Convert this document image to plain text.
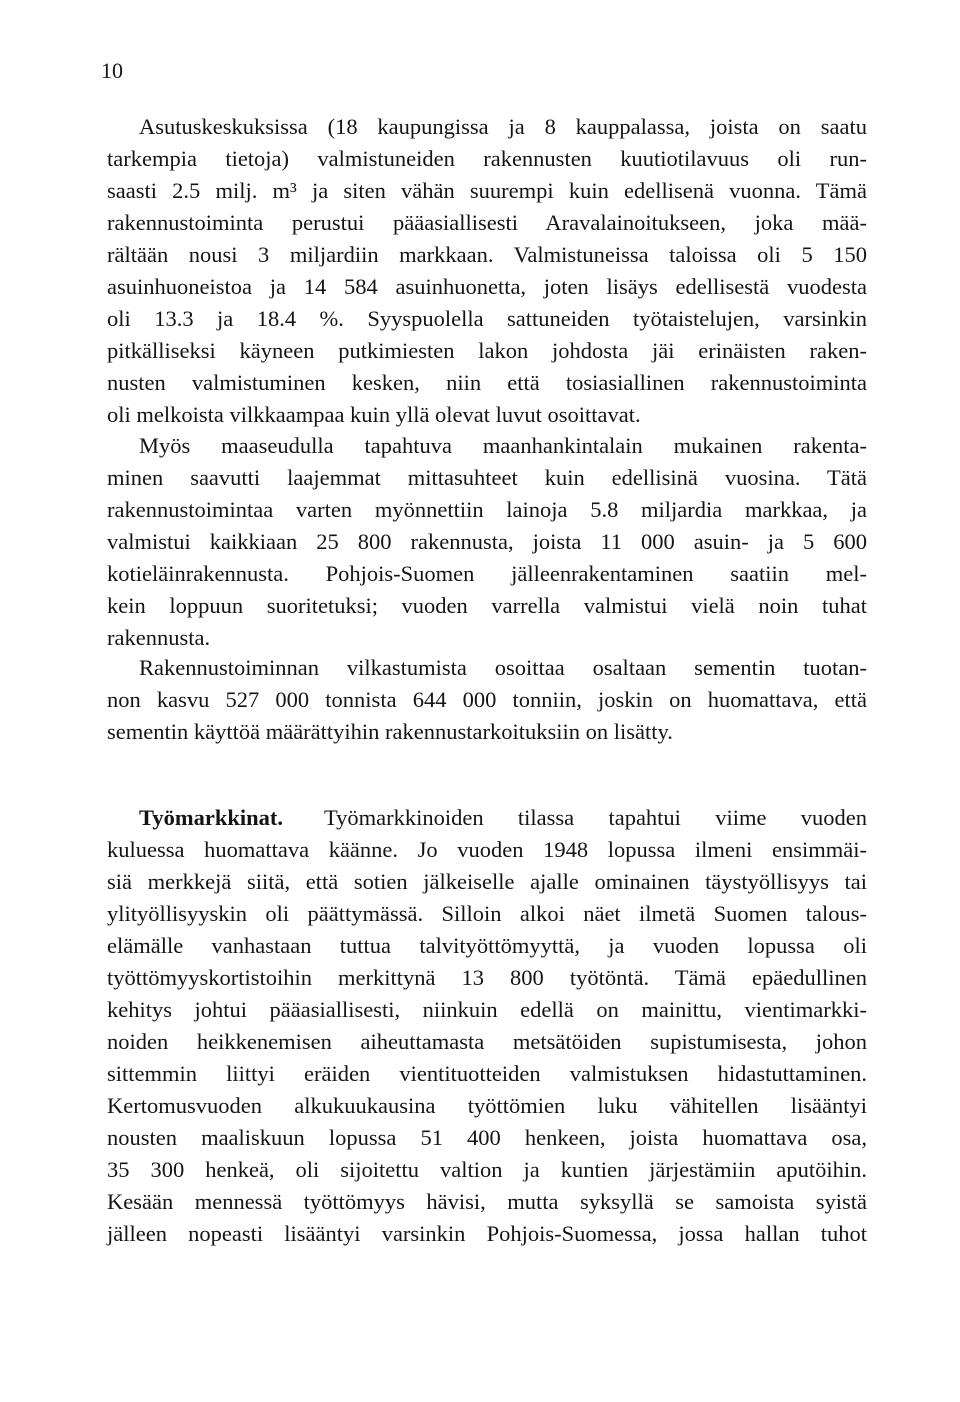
10
Asutuskeskuksissa (18 kaupungissa ja 8 kauppalassa, joista on saatu
tarkempia tietoja) valmistuneiden rakennusten kuutiotilavuus oli run-
saasti 2.5 milj. m³ ja siten vähän suurempi kuin edellisenä vuonna. Tämä
rakennustoiminta perustui pääasiallisesti Aravalainoitukseen, joka mää-
rältään nousi 3 miljardiin markkaan. Valmistuneissa taloissa oli 5 150
asuinhuoneistoa ja 14 584 asuinhuonetta, joten lisäys edellisestä vuodesta
oli 13.3 ja 18.4 %. Syyspuolella sattuneiden työtaistelujen, varsinkin
pitkälliseksi käyneen putkimiesten lakon johdosta jäi erinäisten raken-
nusten valmistuminen kesken, niin että tosiasiallinen rakennustoiminta
oli melkoista vilkkaampaa kuin yllä olevat luvut osoittavat.
Myös maaseudulla tapahtuva maanhankintalain mukainen rakenta-
minen saavutti laajemmat mittasuhteet kuin edellisinä vuosina. Tätä
rakennustoimintaa varten myönnettiin lainoja 5.8 miljardia markkaa, ja
valmistui kaikkiaan 25 800 rakennusta, joista 11 000 asuin- ja 5 600
kotieläinrakennusta. Pohjois-Suomen jälleenrakentaminen saatiin mel-
kein loppuun suoritetuksi; vuoden varrella valmistui vielä noin tuhat
rakennusta.
Rakennustoiminnan vilkastumista osoittaa osaltaan sementin tuotan-
non kasvu 527 000 tonnista 644 000 tonniin, joskin on huomattava, että
sementin käyttöä määrättyihin rakennustarkoituksiin on lisätty.
Työmarkkinat.	Työmarkkinoiden tilassa tapahtui viime vuoden
kuluessa huomattava käänne. Jo vuoden 1948 lopussa ilmeni ensimmäi-
siä merkkejä siitä, että sotien jälkeiselle ajalle ominainen täystyöllisyys tai
ylityöllisyyskin oli päättymässä. Silloin alkoi näet ilmetä Suomen talous-
elämälle vanhastaan tuttua talvityöttömyyttä, ja vuoden lopussa oli
työttömyyskortistoihin merkittynä 13 800 työtöntä. Tämä epäedullinen
kehitys johtui pääasiallisesti, niinkuin edellä on mainittu, vientimarkki-
noiden heikkenemisen aiheuttamasta metsätöiden supistumisesta, johon
sittemmin liittyi eräiden vientituotteiden valmistuksen hidastuttaminen.
Kertomusvuoden alkukuukausina työttömien luku vähitellen lisääntyi
nousten maaliskuun lopussa 51 400 henkeen, joista huomattava osa,
35 300 henkeä, oli sijoitettu valtion ja kuntien järjestämiin aputöihin.
Kesään mennessä työttömyys hävisi, mutta syksyllä se samoista syistä
jälleen nopeasti lisääntyi varsinkin Pohjois-Suomessa, jossa hallan tuhot
